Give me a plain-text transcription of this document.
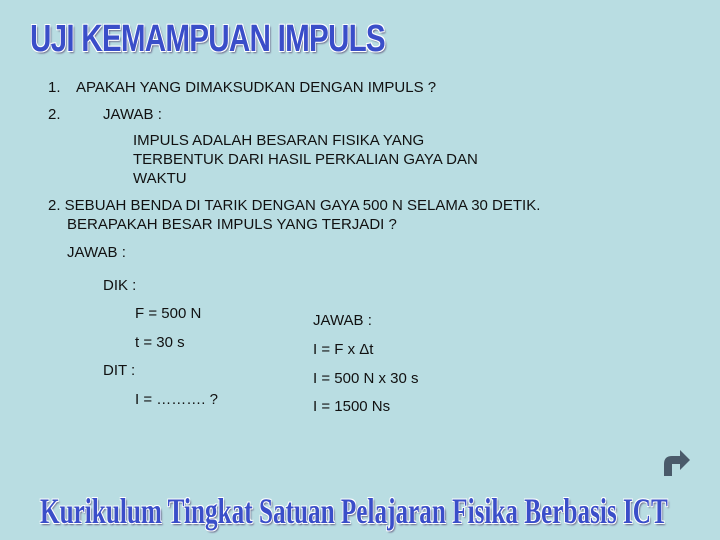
UJI KEMAMPUAN IMPULS
1. APAKAH YANG DIMAKSUDKAN DENGAN IMPULS ?
2.	JAWAB :
IMPULS ADALAH BESARAN FISIKA YANG
TERBENTUK DARI HASIL PERKALIAN GAYA DAN
WAKTU
2. SEBUAH BENDA DI TARIK DENGAN GAYA 500 N SELAMA 30 DETIK.
BERAPAKAH BESAR IMPULS YANG TERJADI ?
JAWAB :
DIK :
F = 500 N
t = 30 s
DIT :
I = ………. ?
JAWAB :
I = F x Δt
I = 500 N x 30 s
I = 1500 Ns
Kurikulum Tingkat Satuan Pelajaran Fisika Berbasis ICT
